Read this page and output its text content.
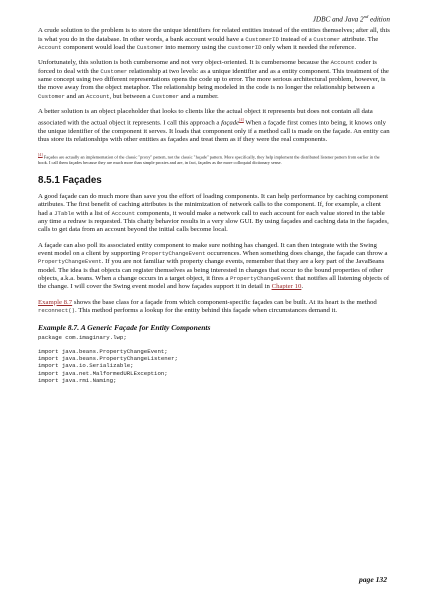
JDBC and Java 2nd edition

A crude solution to the problem is to store the unique identifiers for related entities instead of the entities themselves; after all, this is what you do in the database. In other words, a bank account would have a CustomerID instead of a Customer attribute. The Account component would load the Customer into memory using the customerID only when it needed the reference.

Unfortunately, this solution is both cumbersome and not very object-oriented. It is cumbersome because the Account coder is forced to deal with the Customer relationship at two levels: as a unique identifier and as a entity component. This treatment of the same concept using two different representations opens the code up to error. The more serious architectural problem, however, is the move away from the object metaphor. The relationship being modeled in the code is no longer the relationship between a Customer and an Account, but between a Customer and a number.

A better solution is an object placeholder that looks to clients like the actual object it represents but does not contain all data associated with the actual object it represents. I call this approach a façade[4] When a façade first comes into being, it knows only the unique identifier of the component it serves. It loads that component only if a method call is made on the façade. An entity can thus store its relationships with other entities as façades and treat them as if they were the real components.

[4] Façades are actually an implementation of the classic "proxy" pattern, not the classic "façade" pattern. More specifically, they help implement the distributed listener pattern from earlier in the book. I call them façades because they are much more than simple proxies and are, in fact, façades as the more colloquial dictionary sense.

8.5.1 Façades

A good façade can do much more than save you the effort of loading components. It can help performance by caching component attributes. The first benefit of caching attributes is the minimization of network calls to the component. If, for example, a client had a JTable with a list of Account components, it would make a network call to each account for each value stored in the table any time a redraw is requested. This chatty behavior results in a very slow GUI. By using façades and caching data in the façades, calls to get data from an account beyond the initial calls become local.

A façade can also poll its associated entity component to make sure nothing has changed. It can then integrate with the Swing event model on a client by supporting PropertyChangeEvent occurrences. When something does change, the façade can throw a PropertyChangeEvent. If you are not familiar with property change events, remember that they are a key part of the JavaBeans model. The idea is that objects can register themselves as being interested in changes that occur to the bound properties of other objects, a.k.a. beans. When a change occurs in a target object, it fires a PropertyChangeEvent that notifies all listening objects of the change. I will cover the Swing event model and how façades support it in detail in Chapter 10.

Example 8.7 shows the base class for a façade from which component-specific façades can be built. At its heart is the method reconnect(). This method performs a lookup for the entity behind this façade when circumstances demand it.

Example 8.7. A Generic Façade for Entity Components
package com.imaginary.lwp;

import java.beans.PropertyChangeEvent;
import java.beans.PropertyChangeListener;
import java.io.Serializable;
import java.net.MalformedURLException;
import java.rmi.Naming;
page 132
